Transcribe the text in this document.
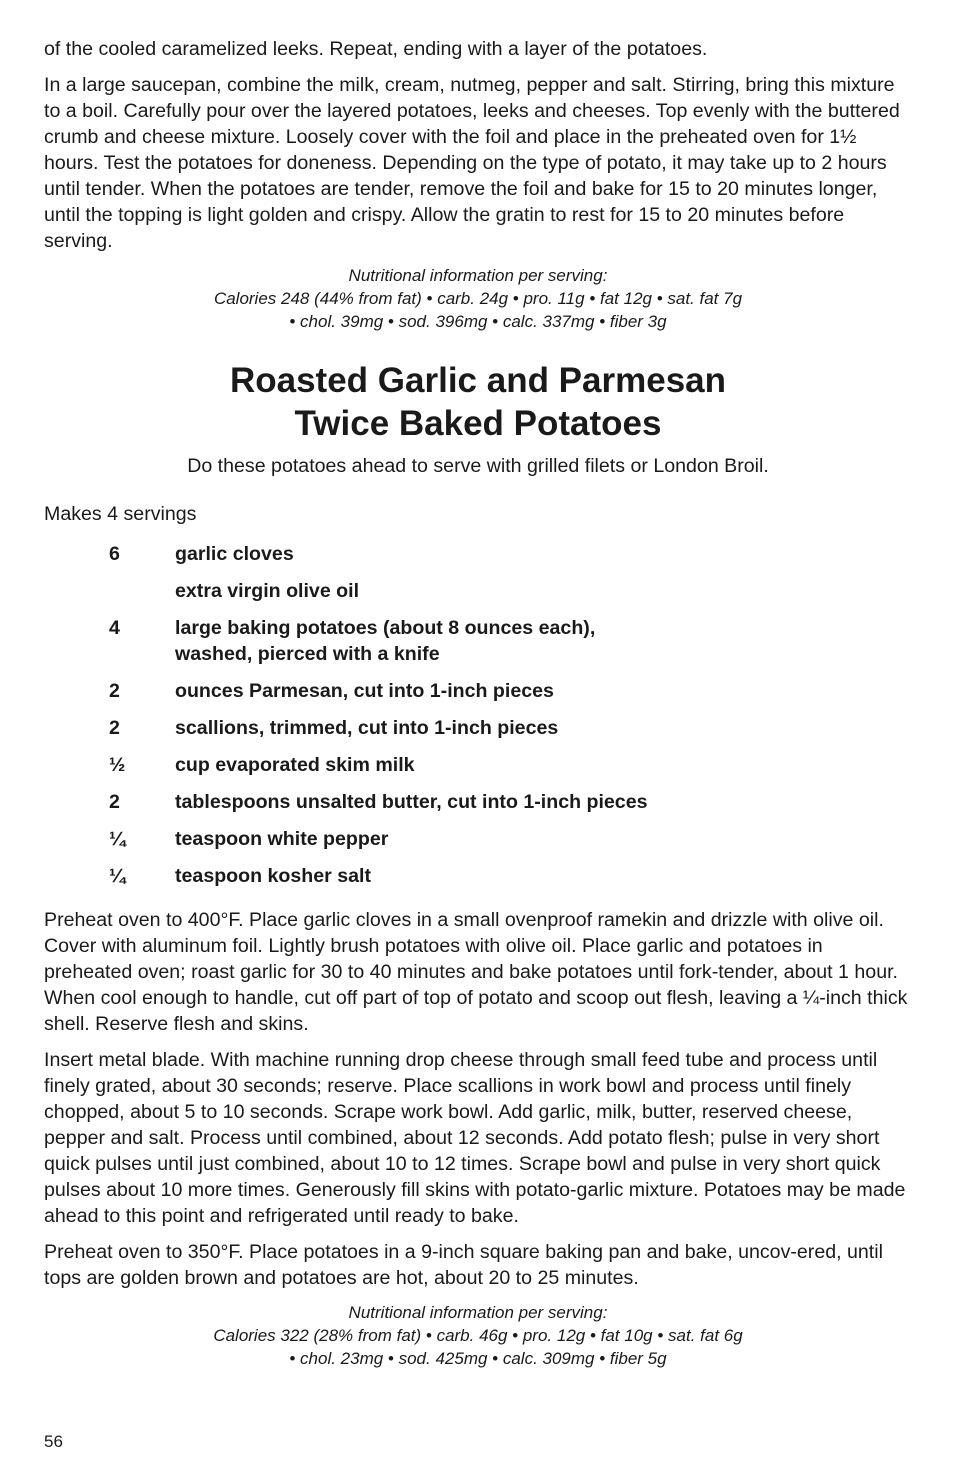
of the cooled caramelized leeks. Repeat, ending with a layer of the potatoes.

In a large saucepan, combine the milk, cream, nutmeg, pepper and salt. Stirring, bring this mixture to a boil. Carefully pour over the layered potatoes, leeks and cheeses. Top evenly with the buttered crumb and cheese mixture. Loosely cover with the foil and place in the preheated oven for 1½ hours. Test the potatoes for doneness. Depending on the type of potato, it may take up to 2 hours until tender. When the potatoes are tender, remove the foil and bake for 15 to 20 minutes longer, until the topping is light golden and crispy. Allow the gratin to rest for 15 to 20 minutes before serving.

Nutritional information per serving:
Calories 248 (44% from fat) • carb. 24g • pro. 11g • fat 12g • sat. fat 7g
• chol. 39mg • sod. 396mg • calc. 337mg • fiber 3g
Roasted Garlic and Parmesan
Twice Baked Potatoes

Do these potatoes ahead to serve with grilled filets or London Broil.

Makes 4 servings

6	garlic cloves
extra virgin olive oil
4	large baking potatoes (about 8 ounces each),
washed, pierced with a knife
2	ounces Parmesan, cut into 1-inch pieces
2	scallions, trimmed, cut into 1-inch pieces
½	cup evaporated skim milk
2	tablespoons unsalted butter, cut into 1-inch pieces
¼	teaspoon white pepper
¼	teaspoon kosher salt

Preheat oven to 400°F. Place garlic cloves in a small ovenproof ramekin and drizzle with olive oil. Cover with aluminum foil. Lightly brush potatoes with olive oil. Place garlic and potatoes in preheated oven; roast garlic for 30 to 40 minutes and bake potatoes until fork-tender, about 1 hour. When cool enough to handle, cut off part of top of potato and scoop out flesh, leaving a ¼-inch thick shell. Reserve flesh and skins.

Insert metal blade. With machine running drop cheese through small feed tube and process until finely grated, about 30 seconds; reserve. Place scallions in work bowl and process until finely chopped, about 5 to 10 seconds. Scrape work bowl. Add garlic, milk, butter, reserved cheese, pepper and salt. Process until combined, about 12 seconds. Add potato flesh; pulse in very short quick pulses until just combined, about 10 to 12 times. Scrape bowl and pulse in very short quick pulses about 10 more times. Generously fill skins with potato-garlic mixture. Potatoes may be made ahead to this point and refrigerated until ready to bake.

Preheat oven to 350°F. Place potatoes in a 9-inch square baking pan and bake, uncov-ered, until tops are golden brown and potatoes are hot, about 20 to 25 minutes.

Nutritional information per serving:
Calories 322 (28% from fat) • carb. 46g • pro. 12g • fat 10g • sat. fat 6g
• chol. 23mg • sod. 425mg • calc. 309mg • fiber 5g
56
